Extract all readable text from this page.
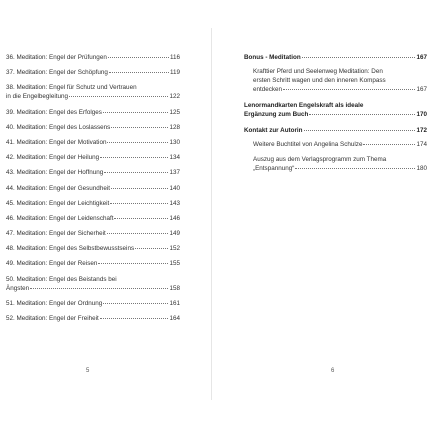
36. Meditation: Engel der Prüfungen	116
37. Meditation: Engel der Schöpfung	119
38. Meditation: Engel für Schutz und Vertrauen
in die Engelbegleitung	122
39. Meditation: Engel des Erfolges	125
40. Meditation: Engel des Loslassens	128
41. Meditation: Engel der Motivation	130
42. Meditation: Engel der Heilung	134
43. Meditation: Engel der Hoffnung	137
44. Meditation: Engel der Gesundheit	140
45. Meditation: Engel der Leichtigkeit	143
46. Meditation: Engel der Leidenschaft	146
47. Meditation: Engel der Sicherheit	149
48. Meditation: Engel des Selbstbewusstseins	152
49. Meditation: Engel der Reisen	155
50. Meditation: Engel des Beistands bei
Ängsten	158
51. Meditation: Engel der Ordnung	161
52. Meditation: Engel der Freiheit	164
5
Bonus - Meditation	167
Krafttier Pferd und Seelenweg Meditation: Den
ersten Schritt wagen und den inneren Kompass
entdecken	167
Lenormandkarten Engelskraft als ideale
Ergänzung zum Buch	170
Kontakt zur Autorin	172
Weitere Buchtitel von Angelina Schulze	174
Auszug aus dem Verlagsprogramm zum Thema
„Entspannung“	180
6
